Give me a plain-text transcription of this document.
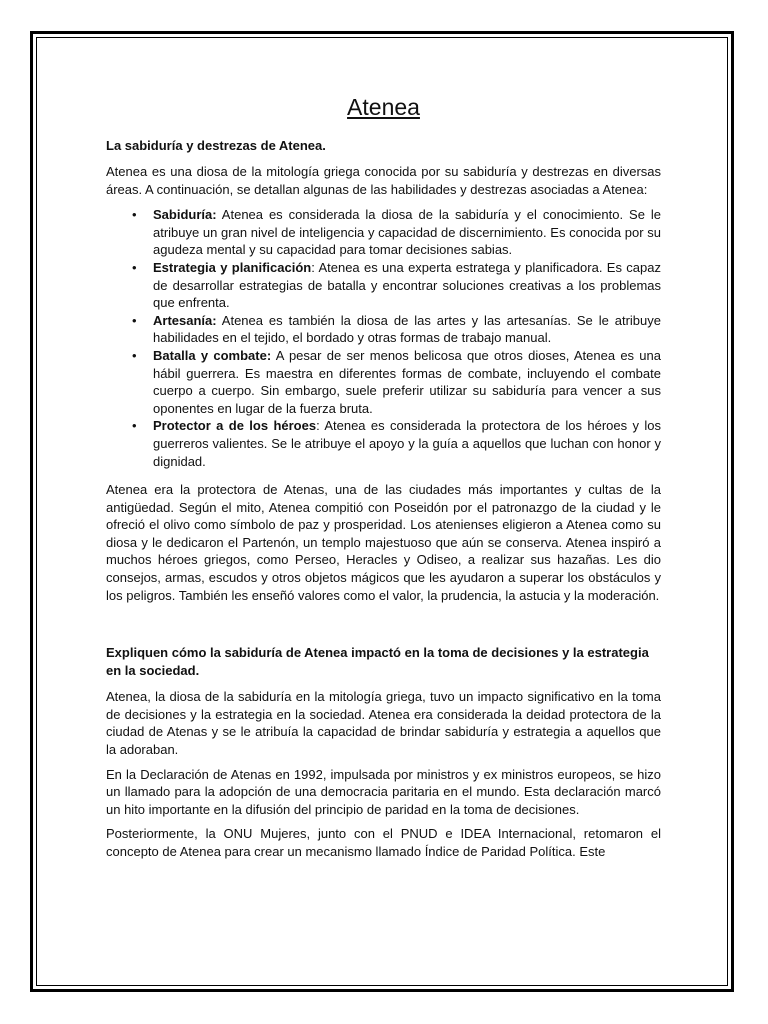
Atenea
La sabiduría y destrezas de Atenea.

Atenea es una diosa de la mitología griega conocida por su sabiduría y destrezas en diversas áreas. A continuación, se detallan algunas de las habilidades y destrezas asociadas a Atenea:

• Sabiduría: Atenea es considerada la diosa de la sabiduría y el conocimiento. Se le atribuye un gran nivel de inteligencia y capacidad de discernimiento. Es conocida por su agudeza mental y su capacidad para tomar decisiones sabias.
• Estrategia y planificación: Atenea es una experta estratega y planificadora. Es capaz de desarrollar estrategias de batalla y encontrar soluciones creativas a los problemas que enfrenta.
• Artesanía: Atenea es también la diosa de las artes y las artesanías. Se le atribuye habilidades en el tejido, el bordado y otras formas de trabajo manual.
• Batalla y combate: A pesar de ser menos belicosa que otros dioses, Atenea es una hábil guerrera. Es maestra en diferentes formas de combate, incluyendo el combate cuerpo a cuerpo. Sin embargo, suele preferir utilizar su sabiduría para vencer a sus oponentes en lugar de la fuerza bruta.
• Protector a de los héroes: Atenea es considerada la protectora de los héroes y los guerreros valientes. Se le atribuye el apoyo y la guía a aquellos que luchan con honor y dignidad.

Atenea era la protectora de Atenas, una de las ciudades más importantes y cultas de la antigüedad. Según el mito, Atenea compitió con Poseidón por el patronazgo de la ciudad y le ofreció el olivo como símbolo de paz y prosperidad. Los atenienses eligieron a Atenea como su diosa y le dedicaron el Partenón, un templo majestuoso que aún se conserva. Atenea inspiró a muchos héroes griegos, como Perseo, Heracles y Odiseo, a realizar sus hazañas. Les dio consejos, armas, escudos y otros objetos mágicos que les ayudaron a superar los obstáculos y los peligros. También les enseñó valores como el valor, la prudencia, la astucia y la moderación.

Expliquen cómo la sabiduría de Atenea impactó en la toma de decisiones y la estrategia en la sociedad.

Atenea, la diosa de la sabiduría en la mitología griega, tuvo un impacto significativo en la toma de decisiones y la estrategia en la sociedad. Atenea era considerada la deidad protectora de la ciudad de Atenas y se le atribuía la capacidad de brindar sabiduría y estrategia a aquellos que la adoraban.

En la Declaración de Atenas en 1992, impulsada por ministros y ex ministros europeos, se hizo un llamado para la adopción de una democracia paritaria en el mundo. Esta declaración marcó un hito importante en la difusión del principio de paridad en la toma de decisiones.

Posteriormente, la ONU Mujeres, junto con el PNUD e IDEA Internacional, retomaron el concepto de Atenea para crear un mecanismo llamado Índice de Paridad Política. Este
